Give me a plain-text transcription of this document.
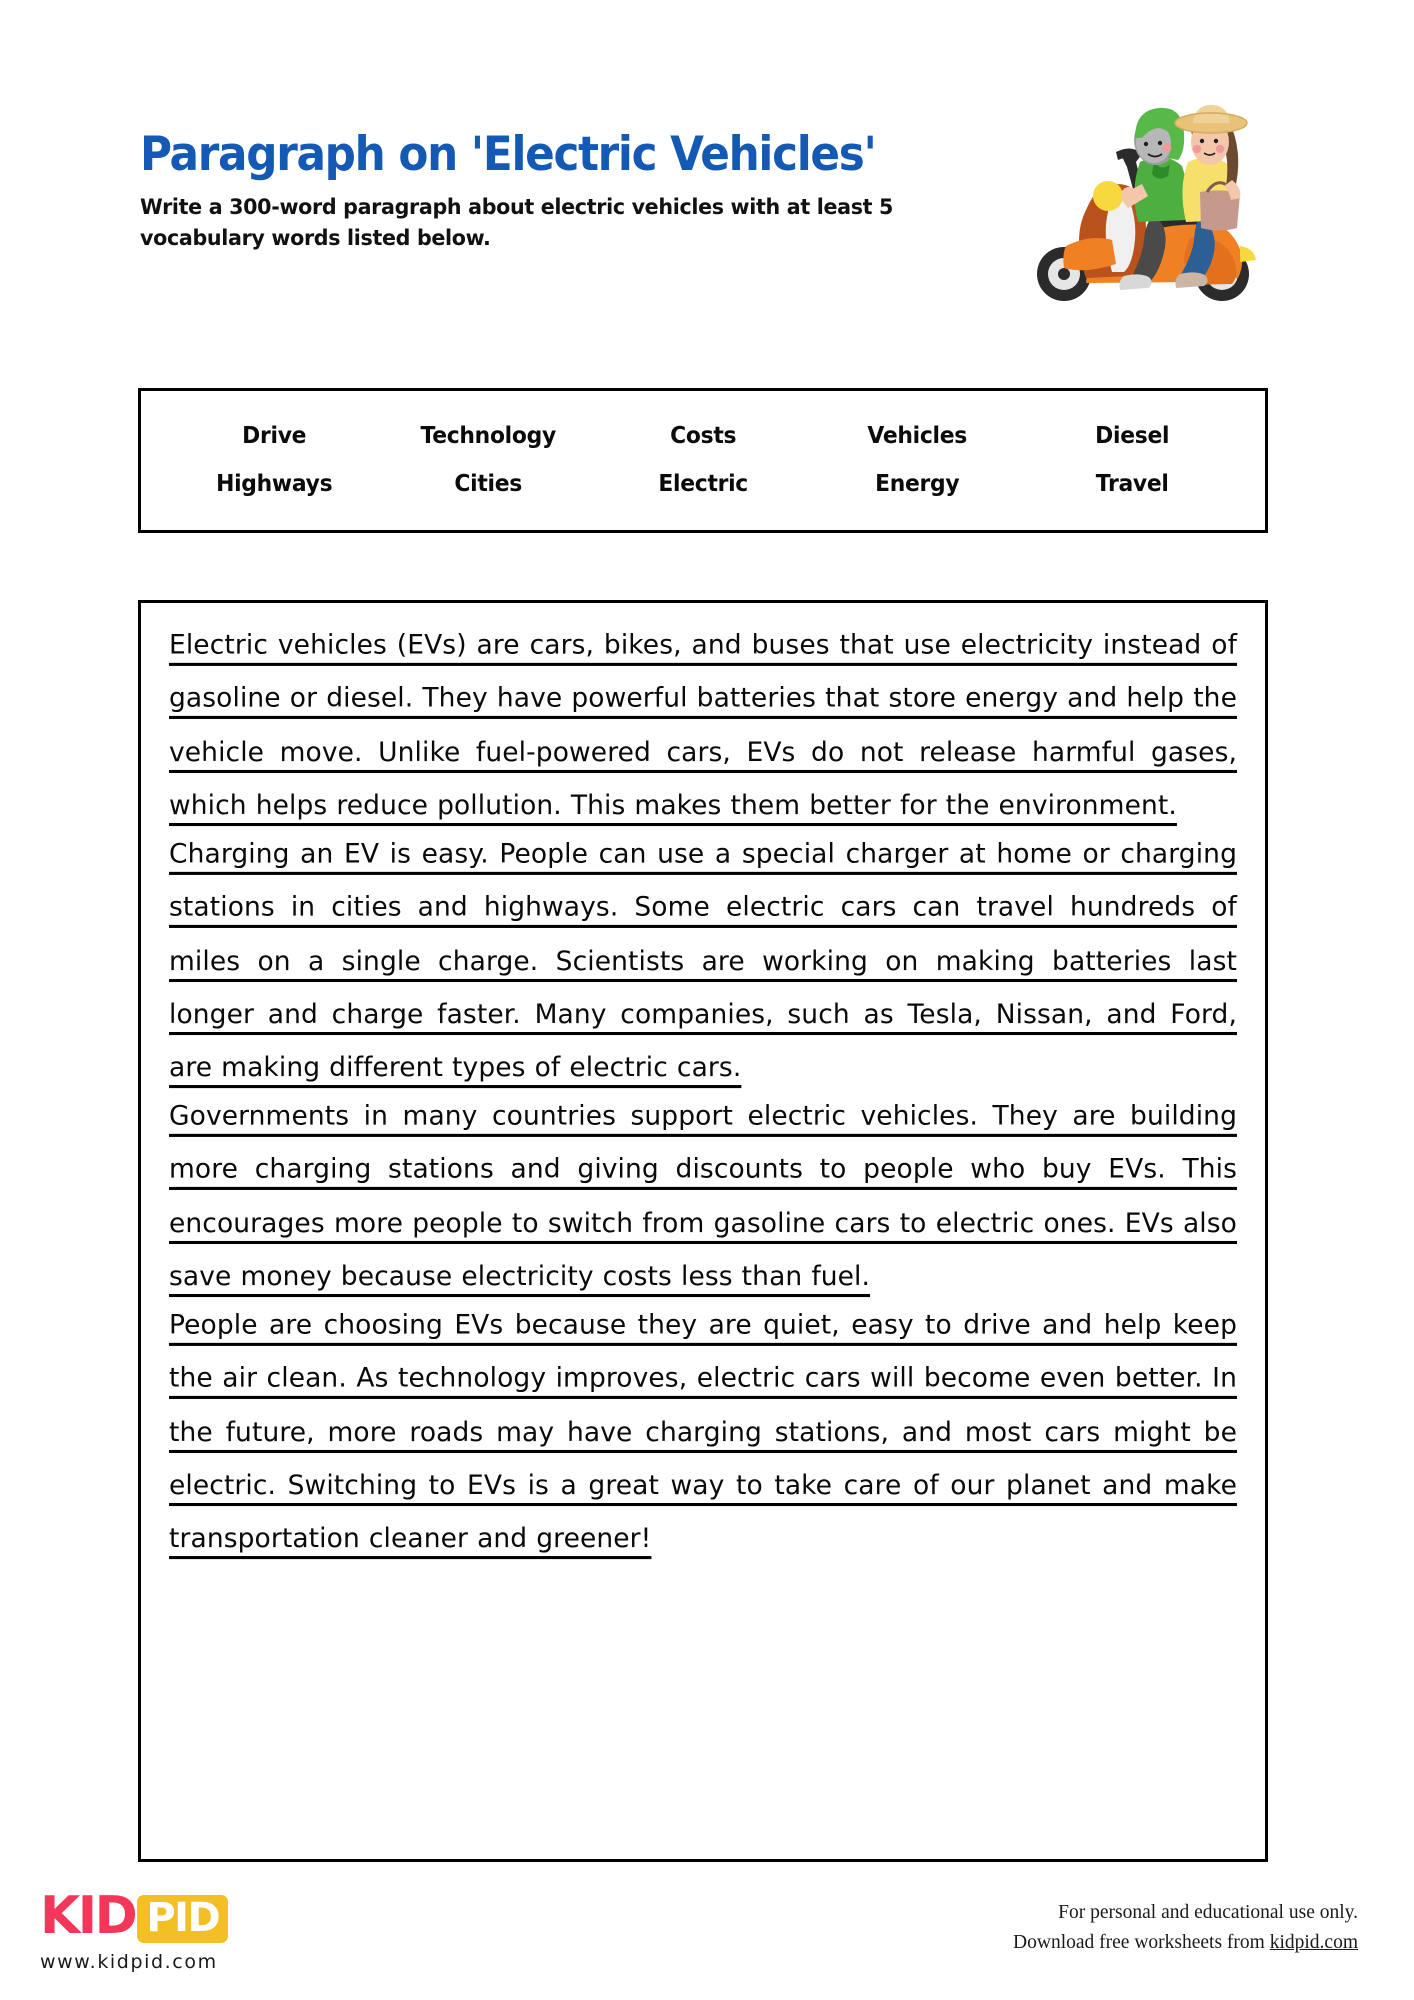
Paragraph on 'Electric Vehicles'

Write a 300-word paragraph about electric vehicles with at least 5 vocabulary words listed below.

Drive	Technology	Costs	Vehicles	Diesel
Highways	Cities	Electric	Energy	Travel

Electric vehicles (EVs) are cars, bikes, and buses that use electricity instead of gasoline or diesel. They have powerful batteries that store energy and help the vehicle move. Unlike fuel-powered cars, EVs do not release harmful gases, which helps reduce pollution. This makes them better for the environment.

Charging an EV is easy. People can use a special charger at home or charging stations in cities and highways. Some electric cars can travel hundreds of miles on a single charge. Scientists are working on making batteries last longer and charge faster. Many companies, such as Tesla, Nissan, and Ford, are making different types of electric cars.

Governments in many countries support electric vehicles. They are building more charging stations and giving discounts to people who buy EVs. This encourages more people to switch from gasoline cars to electric ones. EVs also save money because electricity costs less than fuel.

People are choosing EVs because they are quiet, easy to drive and help keep the air clean. As technology improves, electric cars will become even better. In the future, more roads may have charging stations, and most cars might be electric. Switching to EVs is a great way to take care of our planet and make transportation cleaner and greener!

KID PID
www.kidpid.com
For personal and educational use only.
Download free worksheets from kidpid.com
